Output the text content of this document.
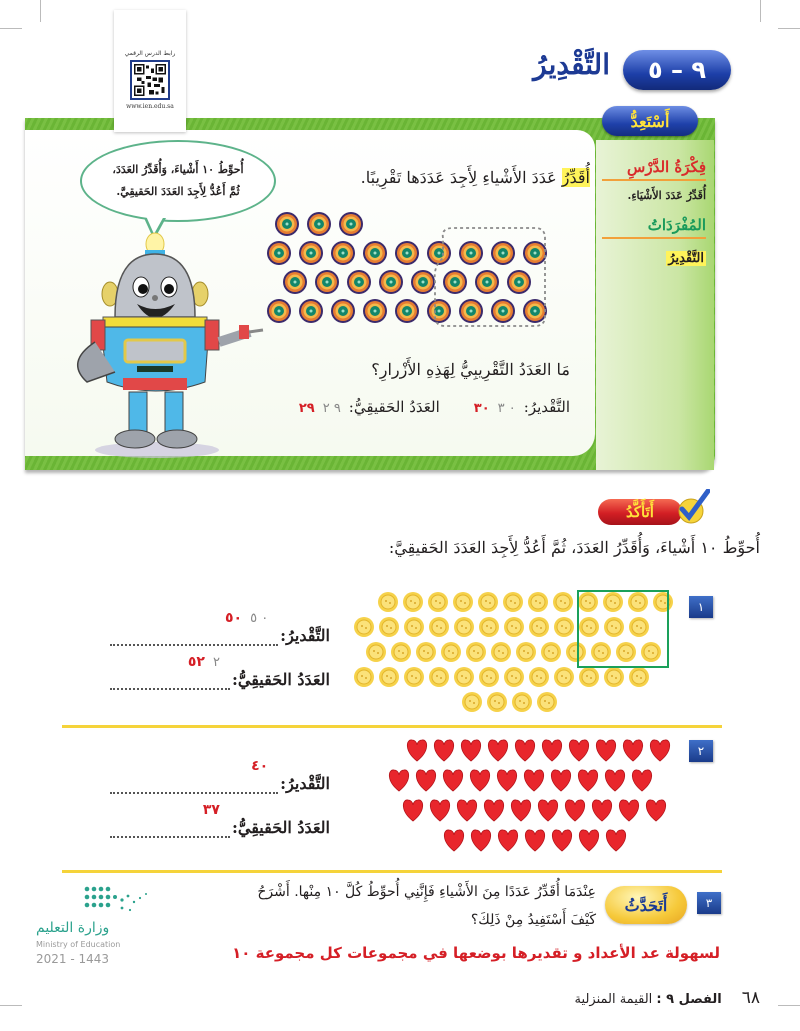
رابط الدرس الرقمي
www.ien.edu.sa
٩ – ٥
التَّقْدِيرُ
أَسْتَعِدُّ
فِكْرَةُ الدَّرْسِ
أُقَدِّرُ عَدَدَ الأَشْيَاءِ.
المُفْرَدَاتُ
التَّقْدِيرُ
أُحوِّطُ ١٠ أَشْياءَ، وَأُقَدِّرُ العَدَدَ،
ثُمَّ أَعُدُّ لِأَجِدَ العَدَدَ الحَقيقِيَّ.
أُقَدِّرُ عَدَدَ الأَشْياءِ لِأَجِدَ عَدَدَها تَقْرِيبًا.
مَا العَدَدُ التَّقْرِيبِيُّ لِهَذِهِ الأَزْرارِ؟
التَّقْديرُ:
٠ ٣
٣٠
العَدَدُ الحَقيقِيُّ:
٩ ٢
٢٩
أَتَأَكَّدُ
أُحوِّطُ ١٠ أَشْياءَ، وَأُقَدِّرُ العَدَدَ، ثُمَّ أَعُدُّ لِأَجِدَ العَدَدَ الحَقيقِيَّ:
١
التَّقْديرُ:
٥٠ ٠ ٥
العَدَدُ الحَقيقِيُّ:
٥٢ ٢
٢
التَّقْديرُ:
٤٠
العَدَدُ الحَقيقِيُّ:
٣٧
٣
أَتَحَدَّثُ
عِنْدَمَا أُقَدِّرُ عَدَدًا مِنَ الأَشْياءِ فَإِنَّنِي أُحوِّطُ كُلَّ ١٠ مِنْها. أَشْرَحُ
كَيْفَ أَسْتَفِيدُ مِنْ ذَلِكَ؟
لسهولة عد الأعداد و تقديرها بوضعها في مجموعات كل مجموعة ١٠
وزارة التعليم
Ministry of Education
2021 - 1443
٦٨
الفصل ٩ : القيمة المنزلية
